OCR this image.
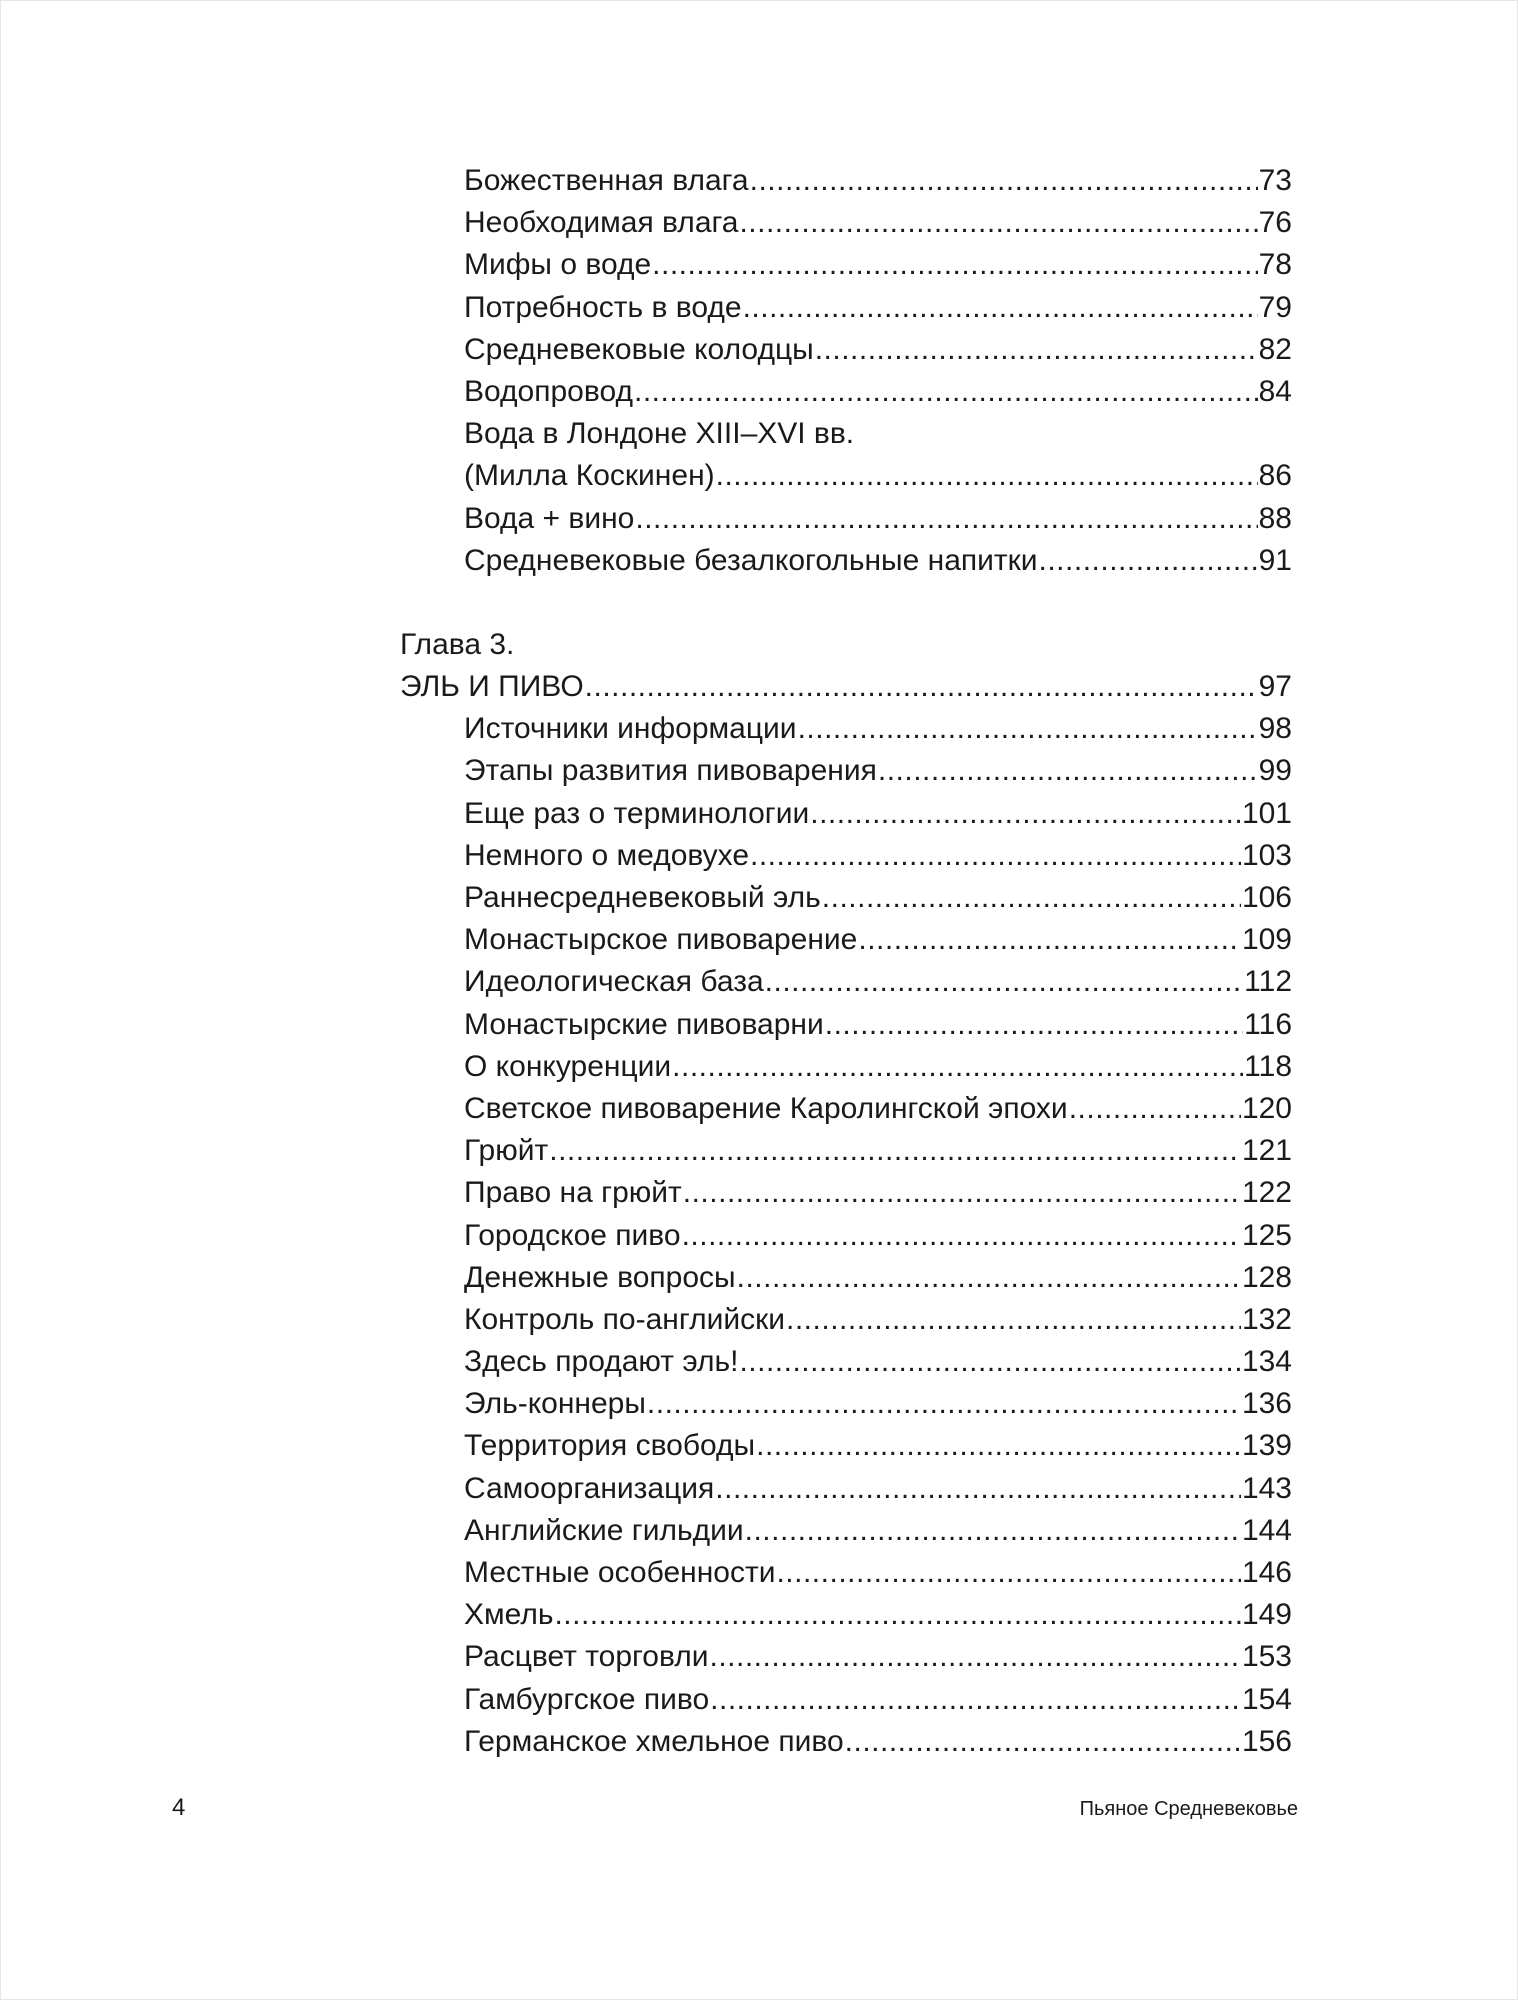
Божественная влага .....	73
Необходимая влага .....	76
Мифы о воде .....	78
Потребность в воде .....	79
Средневековые колодцы .....	82
Водопровод .....	84
Вода в Лондоне XIII–XVI вв.
(Милла Коскинен) .....	86
Вода + вино .....	88
Средневековые безалкогольные напитки .....	91
Глава 3.
ЭЛЬ И ПИВО .....	97
Источники информации .....	98
Этапы развития пивоварения .....	99
Еще раз о терминологии .....	101
Немного о медовухе .....	103
Раннесредневековый эль .....	106
Монастырское пивоварение .....	109
Идеологическая база .....	112
Монастырские пивоварни .....	116
О конкуренции .....	118
Светское пивоварение Каролингской эпохи .....	120
Грюйт .....	121
Право на грюйт .....	122
Городское пиво .....	125
Денежные вопросы .....	128
Контроль по-английски .....	132
Здесь продают эль! .....	134
Эль-коннеры .....	136
Территория свободы .....	139
Самоорганизация .....	143
Английские гильдии .....	144
Местные особенности .....	146
Хмель .....	149
Расцвет торговли .....	153
Гамбургское пиво .....	154
Германское хмельное пиво .....	156
4	Пьяное Средневековье
